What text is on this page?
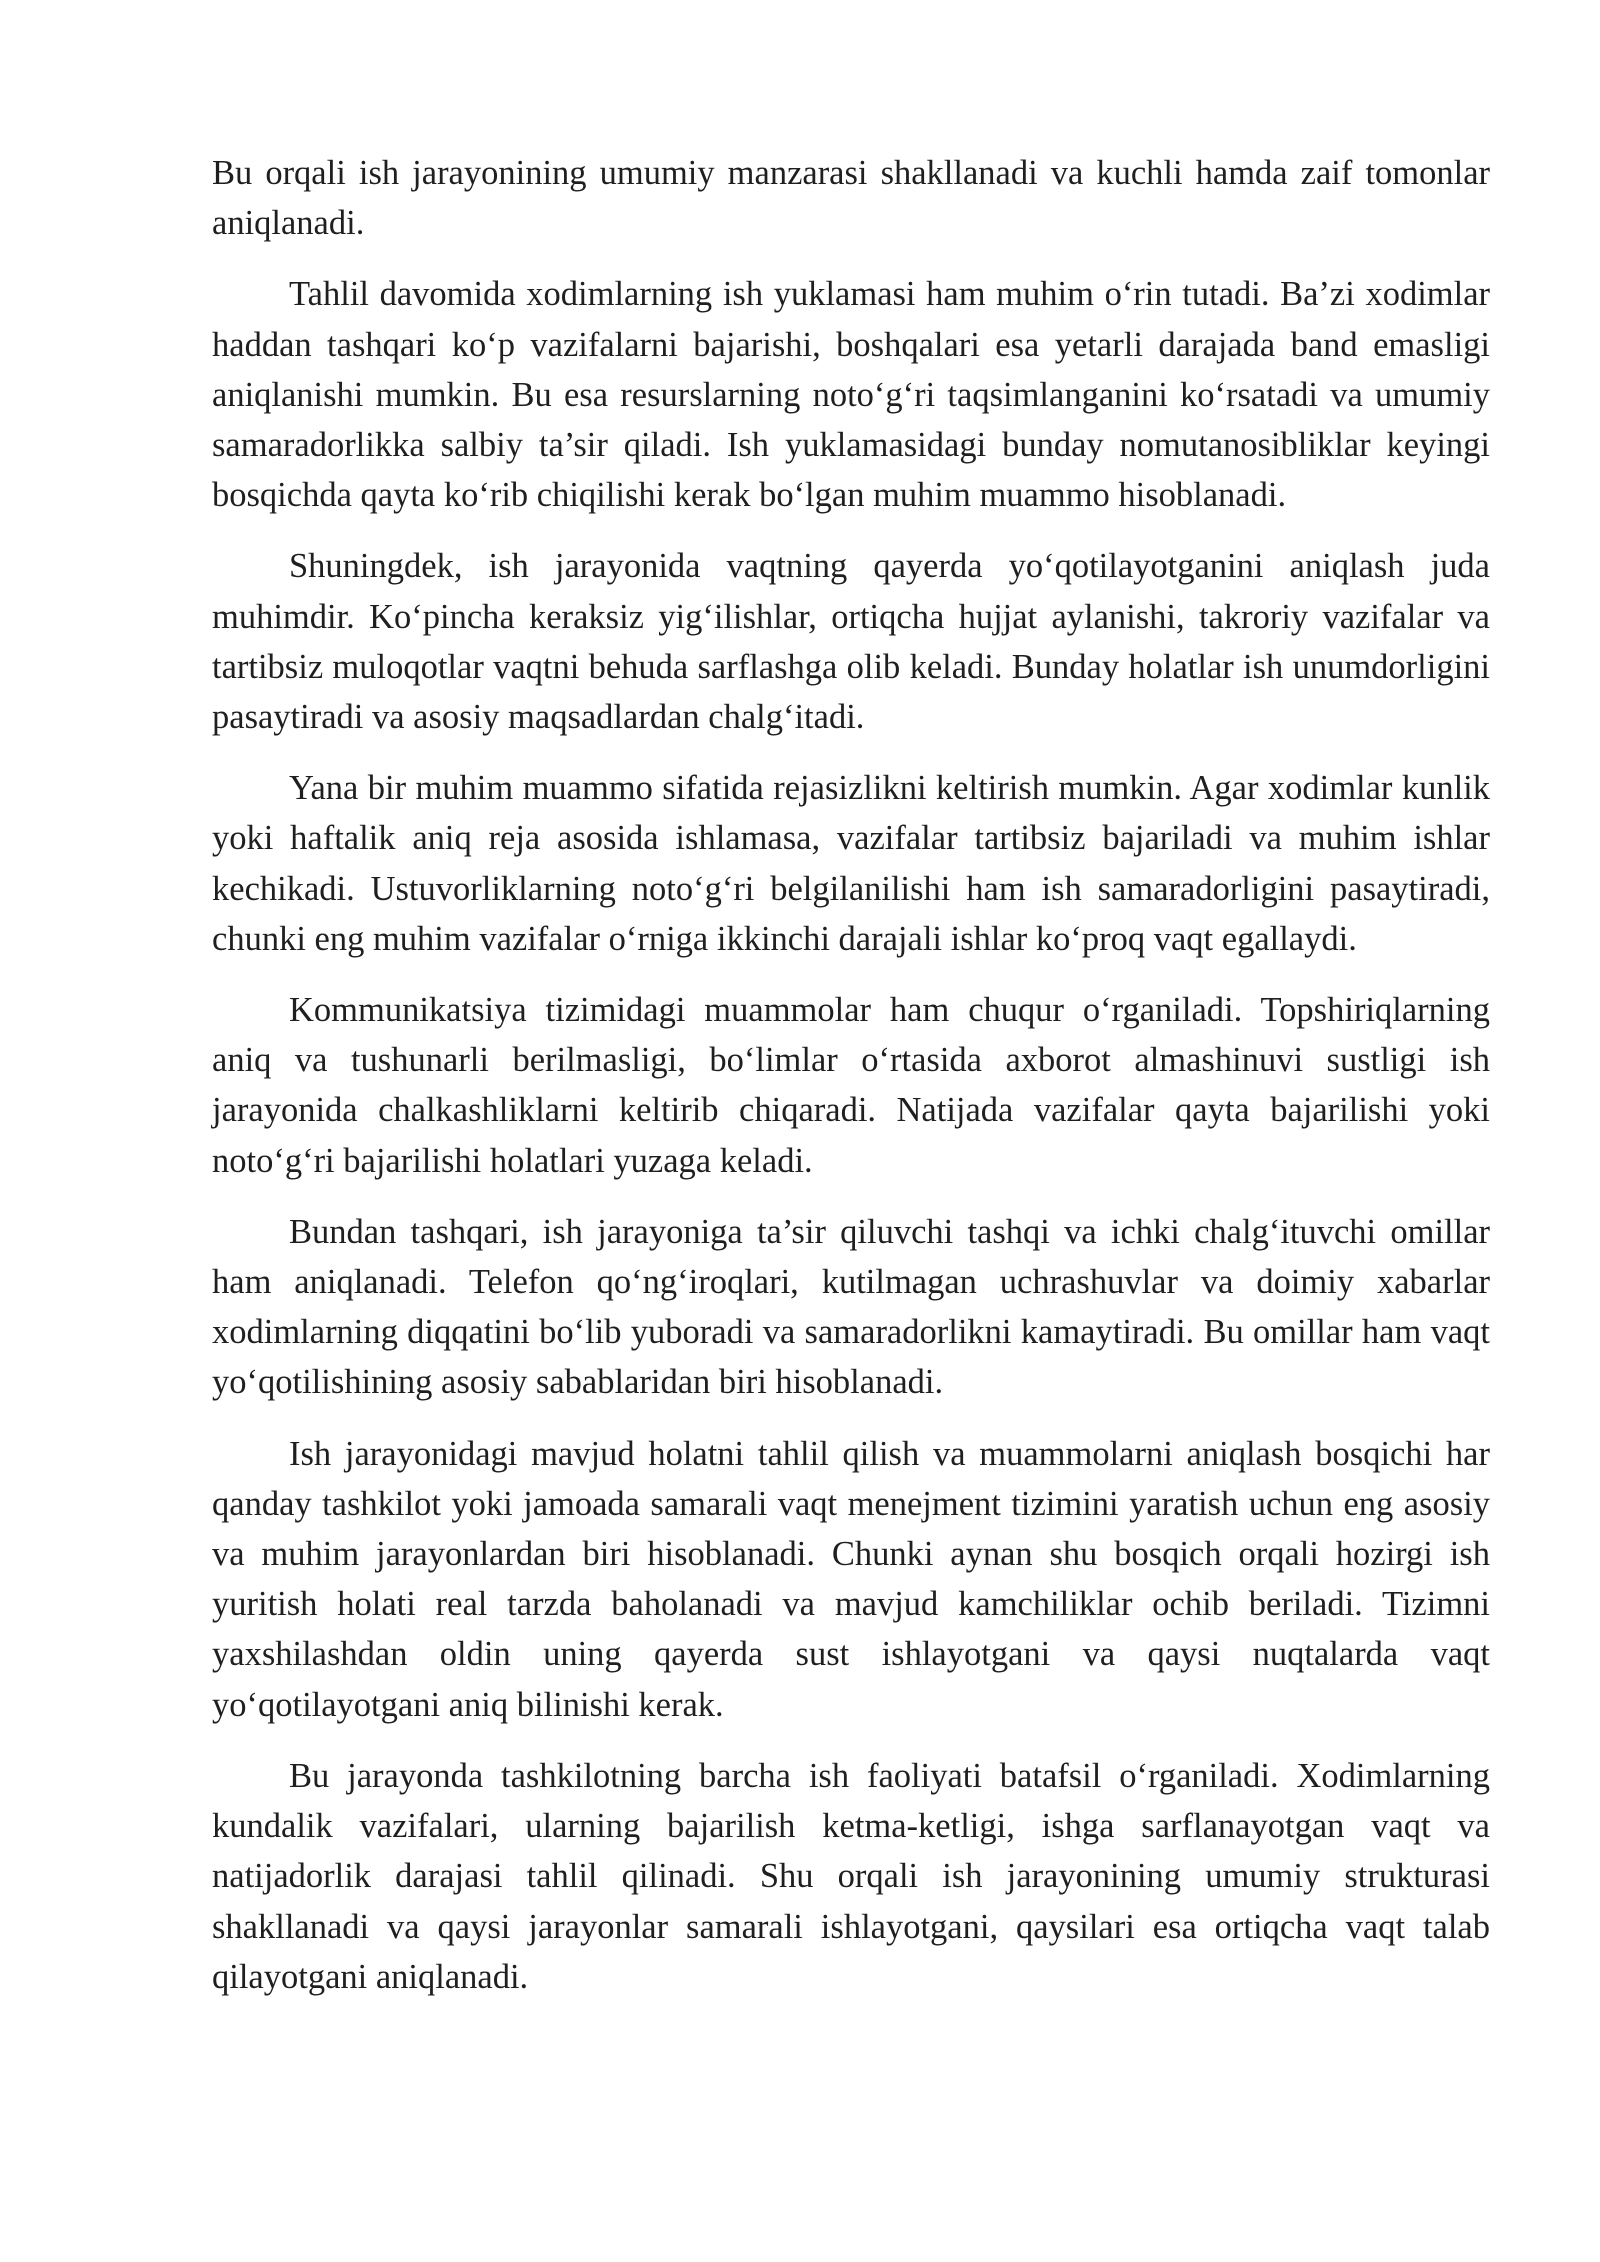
Bu orqali ish jarayonining umumiy manzarasi shakllanadi va kuchli hamda zaif tomonlar aniqlanadi.

Tahlil davomida xodimlarning ish yuklamasi ham muhim o‘rin tutadi. Ba’zi xodimlar haddan tashqari ko‘p vazifalarni bajarishi, boshqalari esa yetarli darajada band emasligi aniqlanishi mumkin. Bu esa resurslarning noto‘g‘ri taqsimlanganini ko‘rsatadi va umumiy samaradorlikka salbiy ta’sir qiladi. Ish yuklamasidagi bunday nomutanosibliklar keyingi bosqichda qayta ko‘rib chiqilishi kerak bo‘lgan muhim muammo hisoblanadi.

Shuningdek, ish jarayonida vaqtning qayerda yo‘qotilayotganini aniqlash juda muhimdir. Ko‘pincha keraksiz yig‘ilishlar, ortiqcha hujjat aylanishi, takroriy vazifalar va tartibsiz muloqotlar vaqtni behuda sarflashga olib keladi. Bunday holatlar ish unumdorligini pasaytiradi va asosiy maqsadlardan chalg‘itadi.

Yana bir muhim muammo sifatida rejasizlikni keltirish mumkin. Agar xodimlar kunlik yoki haftalik aniq reja asosida ishlamasa, vazifalar tartibsiz bajariladi va muhim ishlar kechikadi. Ustuvorliklarning noto‘g‘ri belgilanilishi ham ish samaradorligini pasaytiradi, chunki eng muhim vazifalar o‘rniga ikkinchi darajali ishlar ko‘proq vaqt egallaydi.

Kommunikatsiya tizimidagi muammolar ham chuqur o‘rganiladi. Topshiriqlarning aniq va tushunarli berilmasligi, bo‘limlar o‘rtasida axborot almashinuvi sustligi ish jarayonida chalkashliklarni keltirib chiqaradi. Natijada vazifalar qayta bajarilishi yoki noto‘g‘ri bajarilishi holatlari yuzaga keladi.

Bundan tashqari, ish jarayoniga ta’sir qiluvchi tashqi va ichki chalg‘ituvchi omillar ham aniqlanadi. Telefon qo‘ng‘iroqlari, kutilmagan uchrashuvlar va doimiy xabarlar xodimlarning diqqatini bo‘lib yuboradi va samaradorlikni kamaytiradi. Bu omillar ham vaqt yo‘qotilishining asosiy sabablaridan biri hisoblanadi.

Ish jarayonidagi mavjud holatni tahlil qilish va muammolarni aniqlash bosqichi har qanday tashkilot yoki jamoada samarali vaqt menejment tizimini yaratish uchun eng asosiy va muhim jarayonlardan biri hisoblanadi. Chunki aynan shu bosqich orqali hozirgi ish yuritish holati real tarzda baholanadi va mavjud kamchiliklar ochib beriladi. Tizimni yaxshilashdan oldin uning qayerda sust ishlayotgani va qaysi nuqtalarda vaqt yo‘qotilayotgani aniq bilinishi kerak.

Bu jarayonda tashkilotning barcha ish faoliyati batafsil o‘rganiladi. Xodimlarning kundalik vazifalari, ularning bajarilish ketma-ketligi, ishga sarflanayotgan vaqt va natijadorlik darajasi tahlil qilinadi. Shu orqali ish jarayonining umumiy strukturasi shakllanadi va qaysi jarayonlar samarali ishlayotgani, qaysilari esa ortiqcha vaqt talab qilayotgani aniqlanadi.
